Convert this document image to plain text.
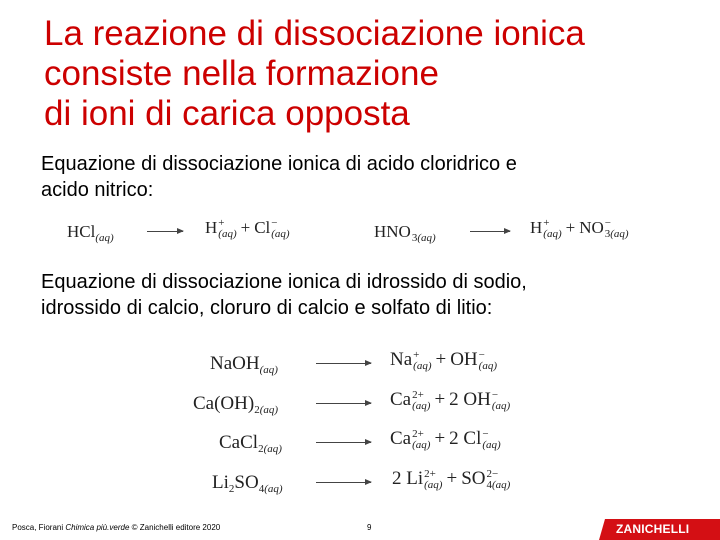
La reazione di dissociazione ionica
consiste nella formazione
di ioni di carica opposta
Equazione di dissociazione ionica di acido cloridrico e
acido nitrico:
HCl$_{(aq)}$
→ H +
(aq) + Cl −
(aq)	HNO
3(aq)
→ H +
(aq) + NO −
3(aq)
Equazione di dissociazione ionica di idrossido di sodio,
idrossido di calcio, cloruro di calcio e solfato di litio:
NaOH$_{(aq)}$ → Na +
(aq) + OH −
(aq)
$Ca(OH)_{2(aq)} \to Ca$ 2+
(aq) + 2 OH −
(aq)
CaCl$_{2(aq)}$ → Ca 2+
(aq) + 2 Cl −
(aq)
$Li_2SO_{4(aq)} \to 2$ Li 2+
(aq) + SO 2−
4(aq)
Posca, Fiorani Chimica più.verde © Zanichelli editore 2020	9	ZANICHELLI
